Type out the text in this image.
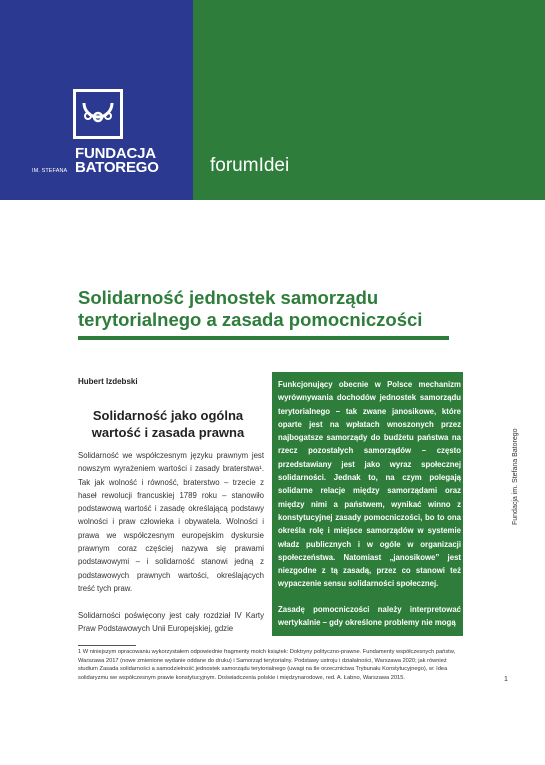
FUNDACJA
IM. STEFANA BATOREGO	forumIdei
Solidarność jednostek samorządu terytorialnego a zasada pomocniczości
Hubert Izdebski
Solidarność jako ogólna wartość i zasada prawna

Solidarność we współczesnym języku prawnym jest nowszym wyrażeniem wartości i zasady braterstwa¹. Tak jak wolność i równość, braterstwo – trzecie z haseł rewolucji francuskiej 1789 roku – stanowiło podstawową wartość i zasadę określającą podstawy wolności i praw człowieka i obywatela. Wolności i prawa we współczesnym europejskim dyskursie prawnym coraz częściej nazywa się prawami podstawowymi – i solidarność stanowi jedną z podstawowych prawnych wartości, określających treść tych praw.

Solidarności poświęcony jest cały rozdział IV Karty Praw Podstawowych Unii Europejskiej, gdzie

Funkcjonujący obecnie w Polsce mechanizm wyrównywania dochodów jednostek samorządu terytorialnego – tak zwane janosikowe, które oparte jest na wpłatach wnoszonych przez najbogatsze samorządy do budżetu państwa na rzecz pozostałych samorządów – często przedstawiany jest jako wyraz społecznej solidarności. Jednak to, na czym polegają solidarne relacje między samorządami oraz między nimi a państwem, wynikać winno z konstytucyjnej zasady pomocniczości, bo to ona określa rolę i miejsce samorządów w systemie władz publicznych i w ogóle w organizacji społeczeństwa. Natomiast „janosikowe” jest niezgodne z tą zasadą, przez co stanowi też wypaczenie sensu solidarności społecznej.

Zasadę pomocniczości należy interpretować wertykalnie – gdy określone problemy nie mogą

1 W niniejszym opracowaniu wykorzystałem odpowiednie fragmenty moich książek: Doktryny polityczno-prawne. Fundamenty współczesnych państw, Warszawa 2017 (nowe zmienione wydanie oddane do druku) i Samorząd terytorialny. Podstawy ustroju i działalności, Warszawa 2020; jak również studium Zasada solidarności a samodzielność jednostek samorządu terytorialnego (uwagi na tle orzecznictwa Trybunału Konstytucyjnego), w: Idea solidaryzmu we współczesnym prawie konstytucyjnym. Doświadczenia polskie i międzynarodowe, red. A. Łabno, Warszawa 2015.

Fundacja im. Stefana Batorego
1
